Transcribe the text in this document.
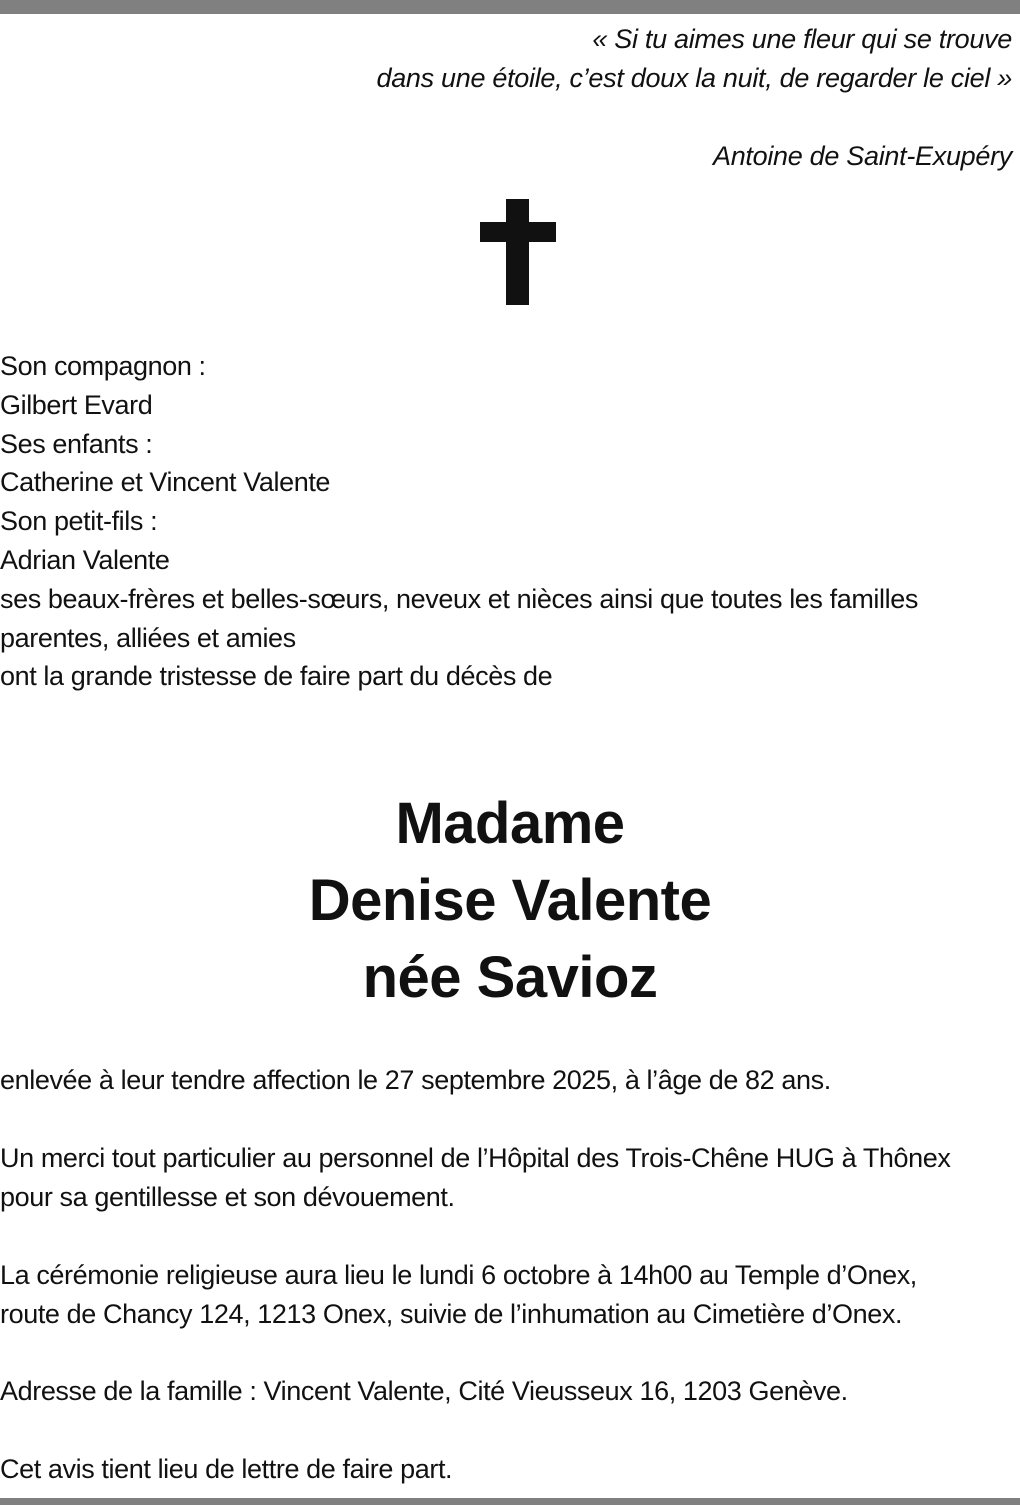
« Si tu aimes une fleur qui se trouve
dans une étoile, c’est doux la nuit, de regarder le ciel »
Antoine de Saint-Exupéry
Son compagnon :
Gilbert Evard
Ses enfants :
Catherine et Vincent Valente
Son petit-fils :
Adrian Valente
ses beaux-frères et belles-sœurs, neveux et nièces ainsi que toutes les familles
parentes, alliées et amies
ont la grande tristesse de faire part du décès de
Madame
Denise Valente
née Savioz
enlevée à leur tendre affection le 27 septembre 2025, à l’âge de 82 ans.
Un merci tout particulier au personnel de l’Hôpital des Trois-Chêne HUG à Thônex
pour sa gentillesse et son dévouement.
La cérémonie religieuse aura lieu le lundi 6 octobre à 14h00 au Temple d’Onex,
route de Chancy 124, 1213 Onex, suivie de l’inhumation au Cimetière d’Onex.
Adresse de la famille : Vincent Valente, Cité Vieusseux 16, 1203 Genève.
Cet avis tient lieu de lettre de faire part.
